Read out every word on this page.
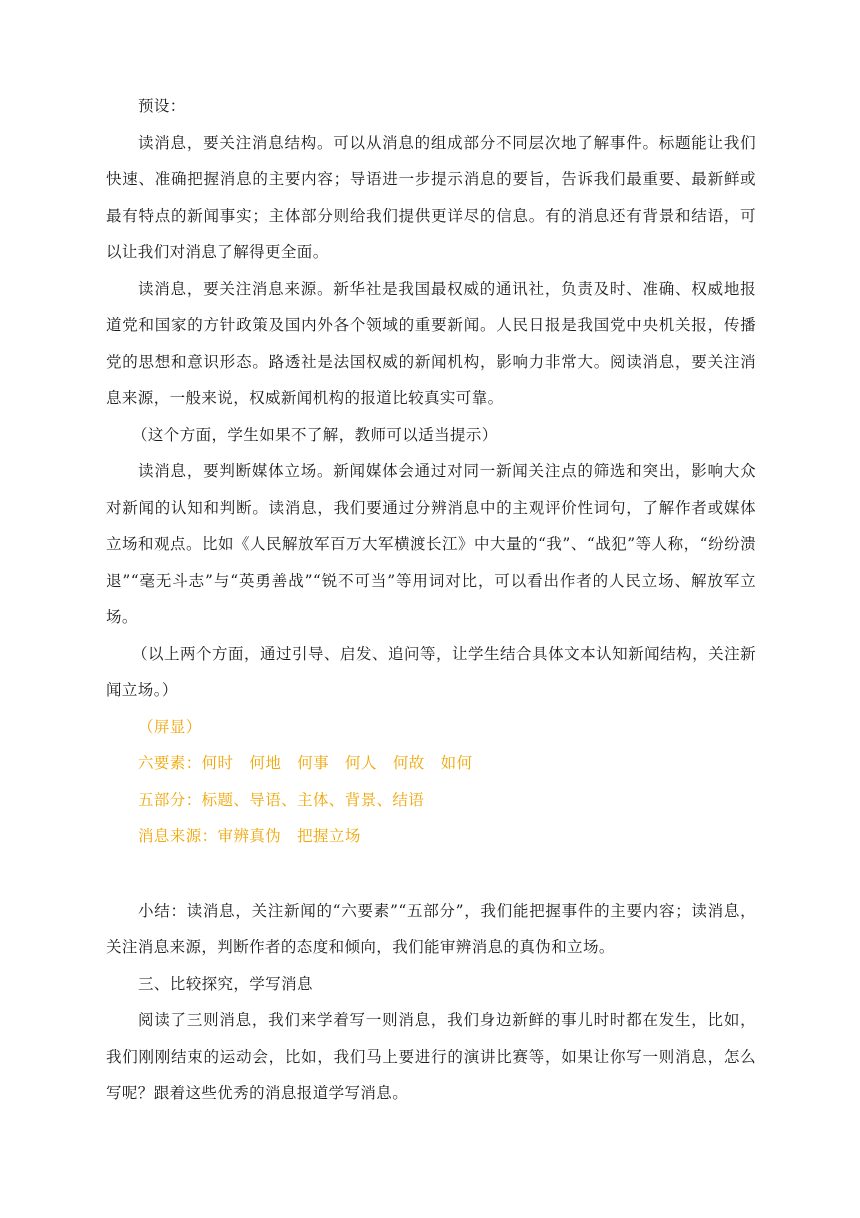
预设：

读消息，要关注消息结构。可以从消息的组成部分不同层次地了解事件。标题能让我们快速、准确把握消息的主要内容；导语进一步提示消息的要旨，告诉我们最重要、最新鲜或最有特点的新闻事实；主体部分则给我们提供更详尽的信息。有的消息还有背景和结语，可以让我们对消息了解得更全面。

读消息，要关注消息来源。新华社是我国最权威的通讯社，负责及时、准确、权威地报道党和国家的方针政策及国内外各个领域的重要新闻。人民日报是我国党中央机关报，传播党的思想和意识形态。路透社是法国权威的新闻机构，影响力非常大。阅读消息，要关注消息来源，一般来说，权威新闻机构的报道比较真实可靠。

（这个方面，学生如果不了解，教师可以适当提示）

读消息，要判断媒体立场。新闻媒体会通过对同一新闻关注点的筛选和突出，影响大众对新闻的认知和判断。读消息，我们要通过分辨消息中的主观评价性词句，了解作者或媒体立场和观点。比如《人民解放军百万大军横渡长江》中大量的“我”、“战犯”等人称，“纷纷溃退”“毫无斗志”与“英勇善战”“锐不可当”等用词对比，可以看出作者的人民立场、解放军立场。

（以上两个方面，通过引导、启发、追问等，让学生结合具体文本认知新闻结构，关注新闻立场。）

（屏显）

六要素：何时 何地 何事 何人 何故 如何

五部分：标题、导语、主体、背景、结语

消息来源：审辨真伪 把握立场

小结：读消息，关注新闻的“六要素”“五部分”，我们能把握事件的主要内容；读消息，关注消息来源，判断作者的态度和倾向，我们能审辨消息的真伪和立场。

三、比较探究，学写消息

阅读了三则消息，我们来学着写一则消息，我们身边新鲜的事儿时时都在发生，比如，我们刚刚结束的运动会，比如，我们马上要进行的演讲比赛等，如果让你写一则消息，怎么写呢？跟着这些优秀的消息报道学写消息。
